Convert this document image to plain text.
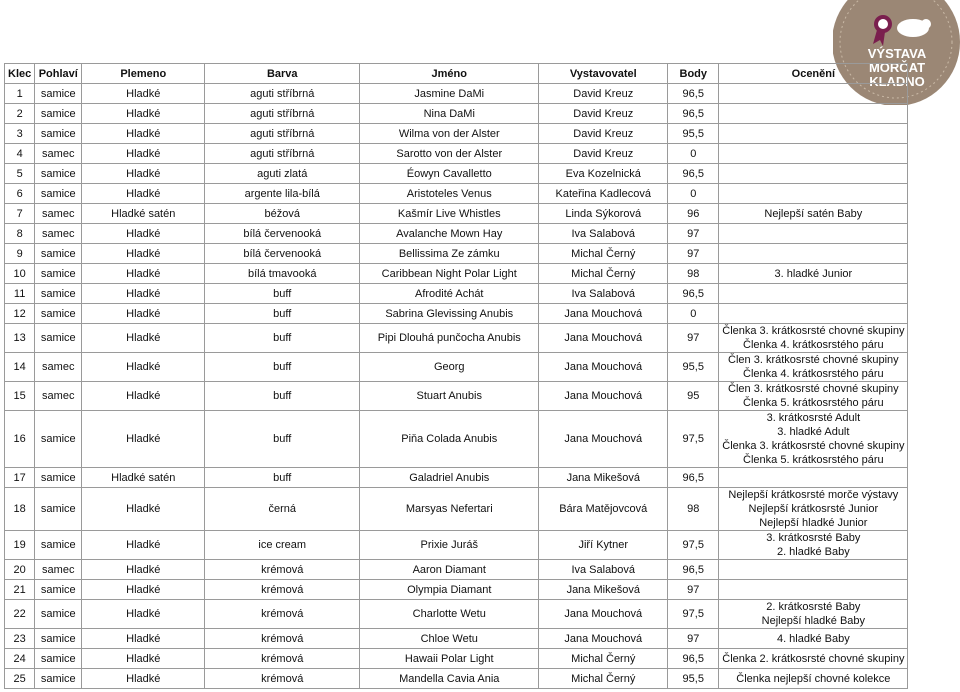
VÝSTAVA
MORČAT
KLADNO
Klec	Pohlaví	Plemeno	Barva	Jméno	Vystavovatel	Body	Ocenění
1	samice	Hladké	aguti stříbrná	Jasmine DaMi	David Kreuz	96,5	
2	samice	Hladké	aguti stříbrná	Nina DaMi	David Kreuz	96,5	
3	samice	Hladké	aguti stříbrná	Wilma von der Alster	David Kreuz	95,5	
4	samec	Hladké	aguti stříbrná	Sarotto von der Alster	David Kreuz	0	
5	samice	Hladké	aguti zlatá	Éowyn Cavalletto	Eva Kozelnická	96,5	
6	samice	Hladké	argente lila-bílá	Aristoteles Venus	Kateřina Kadlecová	0	
7	samec	Hladké satén	béžová	Kašmír Live Whistles	Linda Sýkorová	96	Nejlepší satén Baby

8	samec	Hladké	bílá červenooká	Avalanche Mown Hay	Iva Salabová	97	
9	samice	Hladké	bílá červenooká	Bellissima Ze zámku	Michal Černý	97	
10	samice	Hladké	bílá tmavooká	Caribbean Night Polar Light	Michal Černý	98	3. hladké Junior

11	samice	Hladké	buff	Afrodité Achát	Iva Salabová	96,5	
12	samice	Hladké	buff	Sabrina Glevissing Anubis	Jana Mouchová	0	
13	samice	Hladké	buff	Pipi Dlouhá punčocha Anubis	Jana Mouchová	97	Členka 3. krátkosrsté chovné skupiny
Členka 4. krátkosrstého páru

14	samec	Hladké	buff	Georg	Jana Mouchová	95,5	Člen 3. krátkosrsté chovné skupiny
Členka 4. krátkosrstého páru

15	samec	Hladké	buff	Stuart Anubis	Jana Mouchová	95	Člen 3. krátkosrsté chovné skupiny
Členka 5. krátkosrstého páru

16	samice	Hladké	buff	Piňa Colada Anubis	Jana Mouchová	97,5	3. krátkosrsté Adult
3. hladké Adult
Členka 3. krátkosrsté chovné skupiny
Členka 5. krátkosrstého páru

17	samice	Hladké satén	buff	Galadriel Anubis	Jana Mikešová	96,5	
18	samice	Hladké	černá	Marsyas Nefertari	Bára Matějovcová	98	Nejlepší krátkosrsté morče výstavy
Nejlepší krátkosrsté Junior
Nejlepší hladké Junior

19	samice	Hladké	ice cream	Prixie Juráš	Jiří Kytner	97,5	3. krátkosrsté Baby
2. hladké Baby

20	samec	Hladké	krémová	Aaron Diamant	Iva Salabová	96,5	
21	samice	Hladké	krémová	Olympia Diamant	Jana Mikešová	97	
22	samice	Hladké	krémová	Charlotte Wetu	Jana Mouchová	97,5	2. krátkosrsté Baby
Nejlepší hladké Baby

23	samice	Hladké	krémová	Chloe Wetu	Jana Mouchová	97	4. hladké Baby

24	samice	Hladké	krémová	Hawaii Polar Light	Michal Černý	96,5	Členka 2. krátkosrsté chovné skupiny

25	samice	Hladké	krémová	Mandella Cavia Ania	Michal Černý	95,5	Členka nejlepší chovné kolekce
